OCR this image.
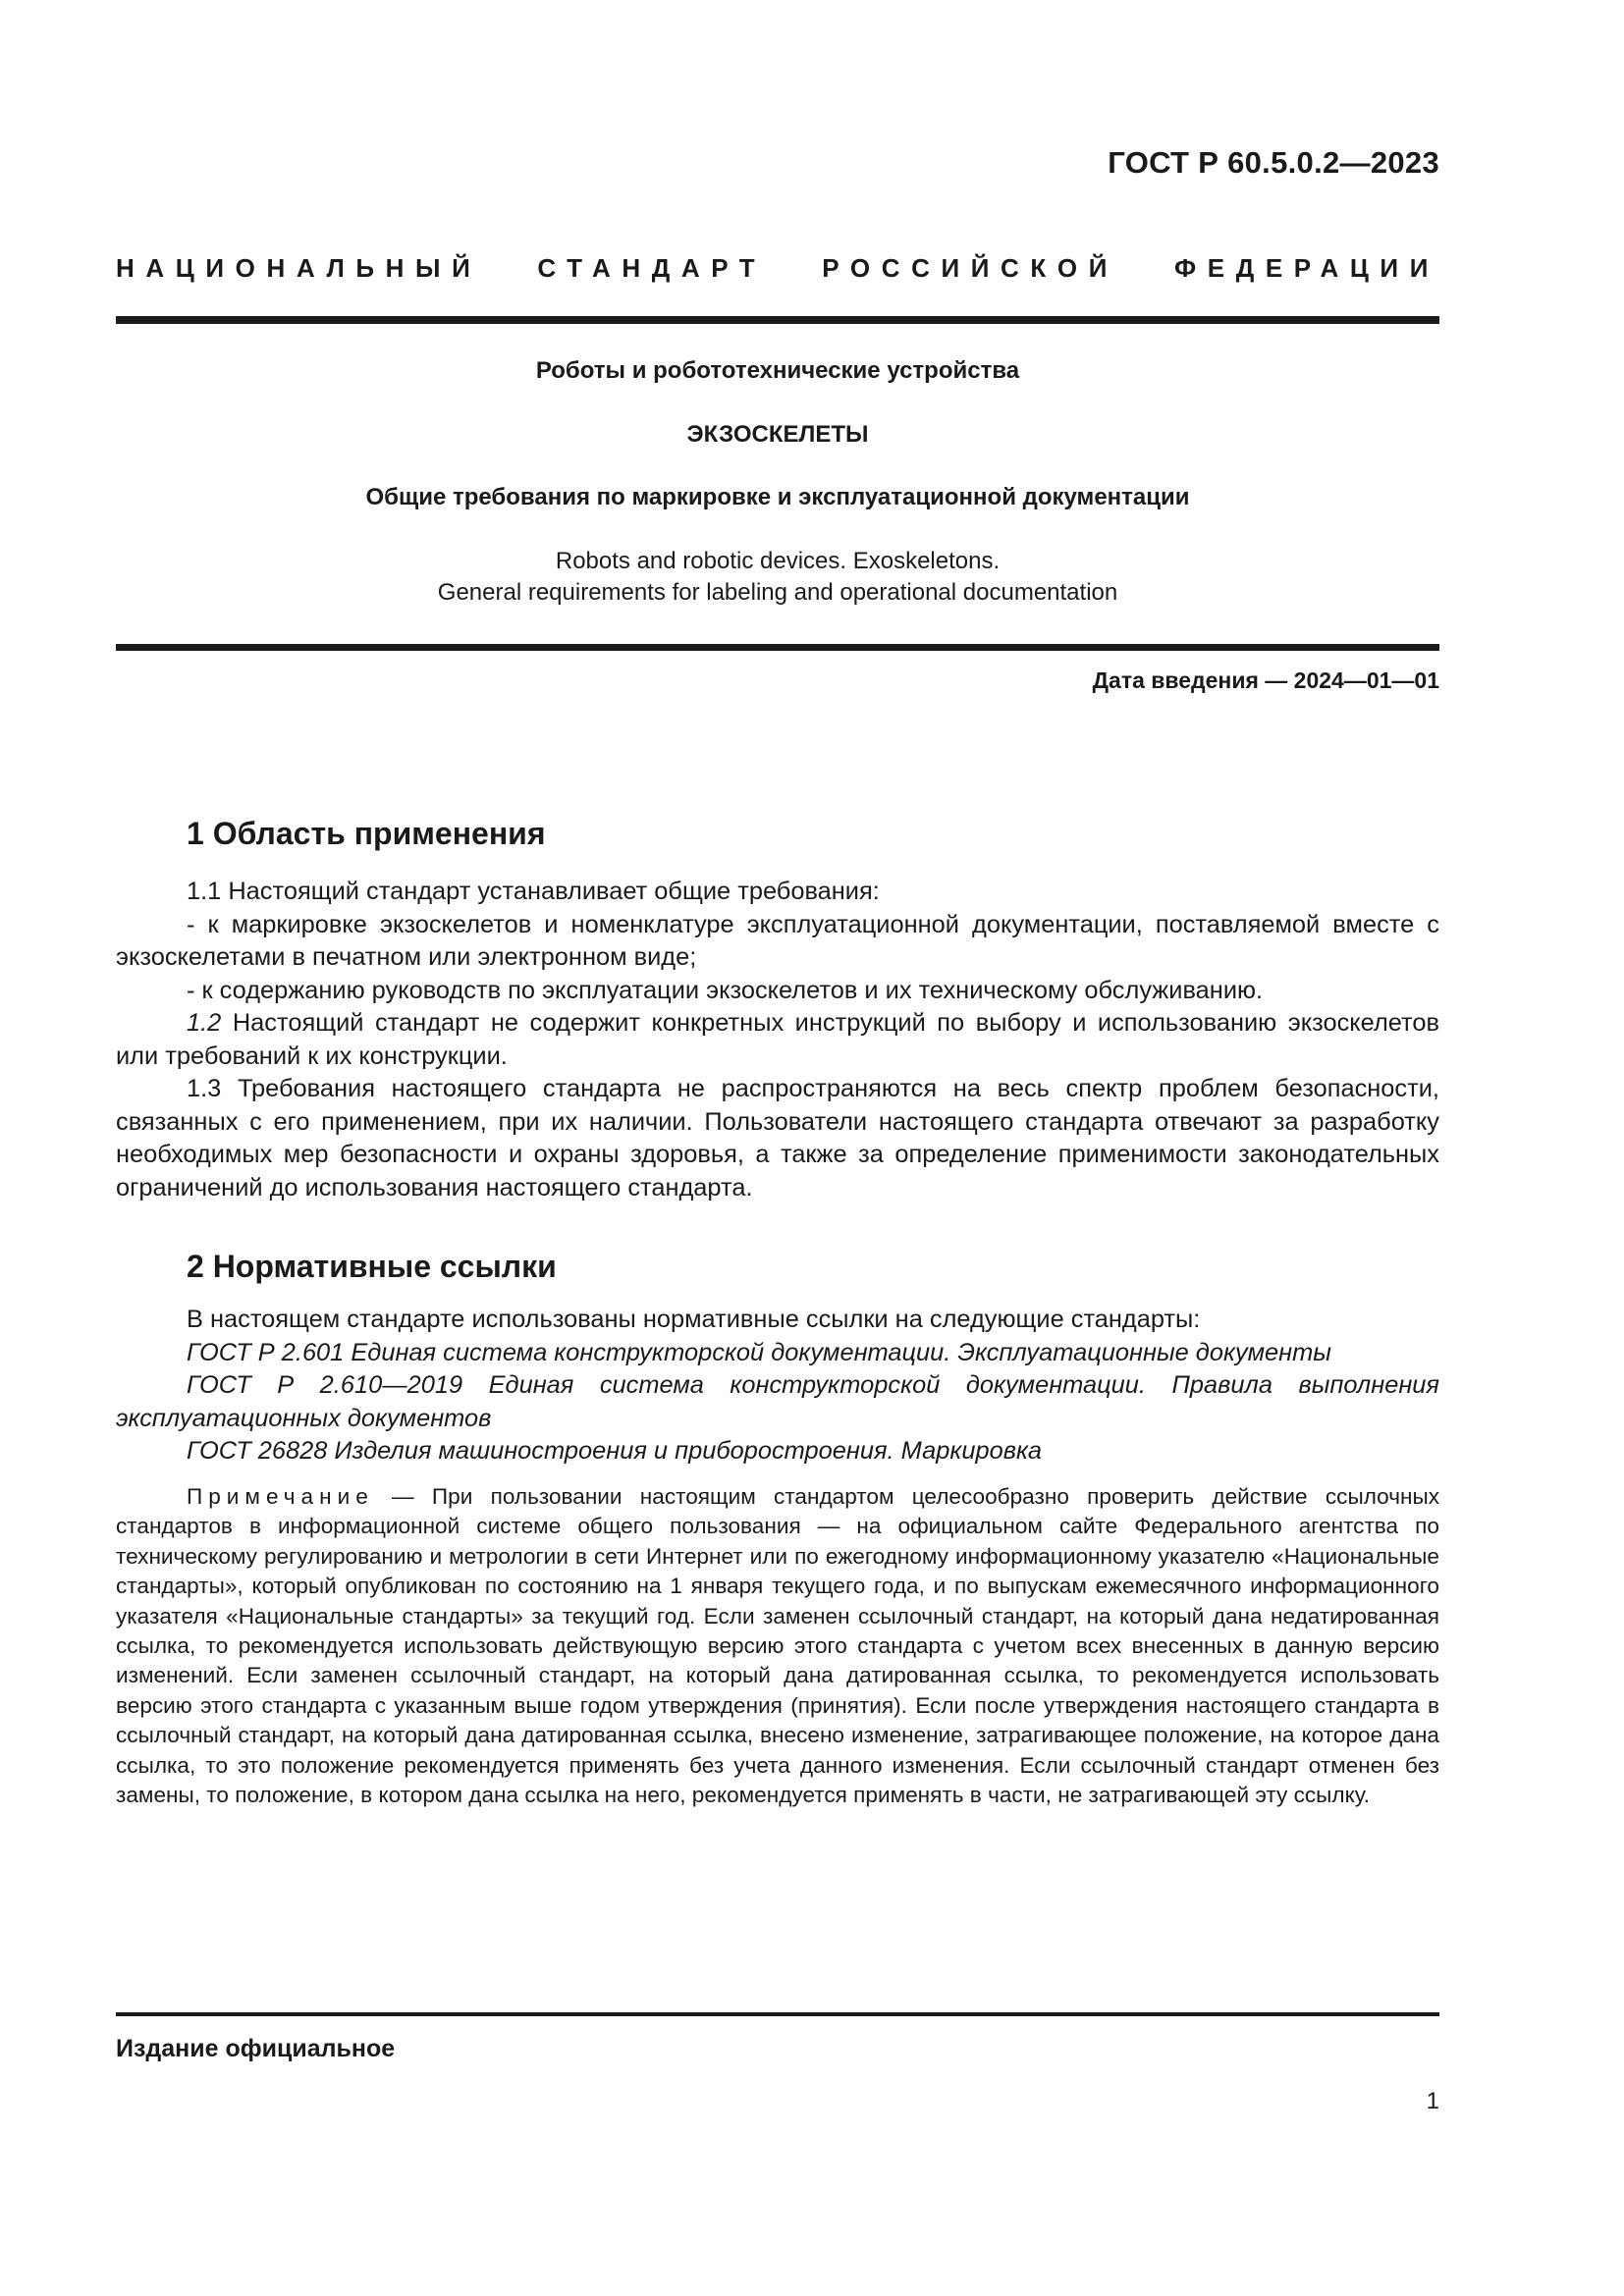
ГОСТ Р 60.5.0.2—2023
НАЦИОНАЛЬНЫЙ СТАНДАРТ РОССИЙСКОЙ ФЕДЕРАЦИИ
Роботы и робототехнические устройства
ЭКЗОСКЕЛЕТЫ
Общие требования по маркировке и эксплуатационной документации
Robots and robotic devices. Exoskeletons.
General requirements for labeling and operational documentation
Дата введения — 2024—01—01
1 Область применения

1.1 Настоящий стандарт устанавливает общие требования:

- к маркировке экзоскелетов и номенклатуре эксплуатационной документации, поставляемой вместе с экзоскелетами в печатном или электронном виде;

- к содержанию руководств по эксплуатации экзоскелетов и их техническому обслуживанию.

1.2 Настоящий стандарт не содержит конкретных инструкций по выбору и использованию экзоскелетов или требований к их конструкции.

1.3 Требования настоящего стандарта не распространяются на весь спектр проблем безопасности, связанных с его применением, при их наличии. Пользователи настоящего стандарта отвечают за разработку необходимых мер безопасности и охраны здоровья, а также за определение применимости законодательных ограничений до использования настоящего стандарта.

2 Нормативные ссылки

В настоящем стандарте использованы нормативные ссылки на следующие стандарты:

ГОСТ Р 2.601 Единая система конструкторской документации. Эксплуатационные документы

ГОСТ Р 2.610—2019 Единая система конструкторской документации. Правила выполнения эксплуатационных документов

ГОСТ 26828 Изделия машиностроения и приборостроения. Маркировка

Примечание — При пользовании настоящим стандартом целесообразно проверить действие ссылочных стандартов в информационной системе общего пользования — на официальном сайте Федерального агентства по техническому регулированию и метрологии в сети Интернет или по ежегодному информационному указателю «Национальные стандарты», который опубликован по состоянию на 1 января текущего года, и по выпускам ежемесячного информационного указателя «Национальные стандарты» за текущий год. Если заменен ссылочный стандарт, на который дана недатированная ссылка, то рекомендуется использовать действующую версию этого стандарта с учетом всех внесенных в данную версию изменений. Если заменен ссылочный стандарт, на который дана датированная ссылка, то рекомендуется использовать версию этого стандарта с указанным выше годом утверждения (принятия). Если после утверждения настоящего стандарта в ссылочный стандарт, на который дана датированная ссылка, внесено изменение, затрагивающее положение, на которое дана ссылка, то это положение рекомендуется применять без учета данного изменения. Если ссылочный стандарт отменен без замены, то положение, в котором дана ссылка на него, рекомендуется применять в части, не затрагивающей эту ссылку.
Издание официальное
1
